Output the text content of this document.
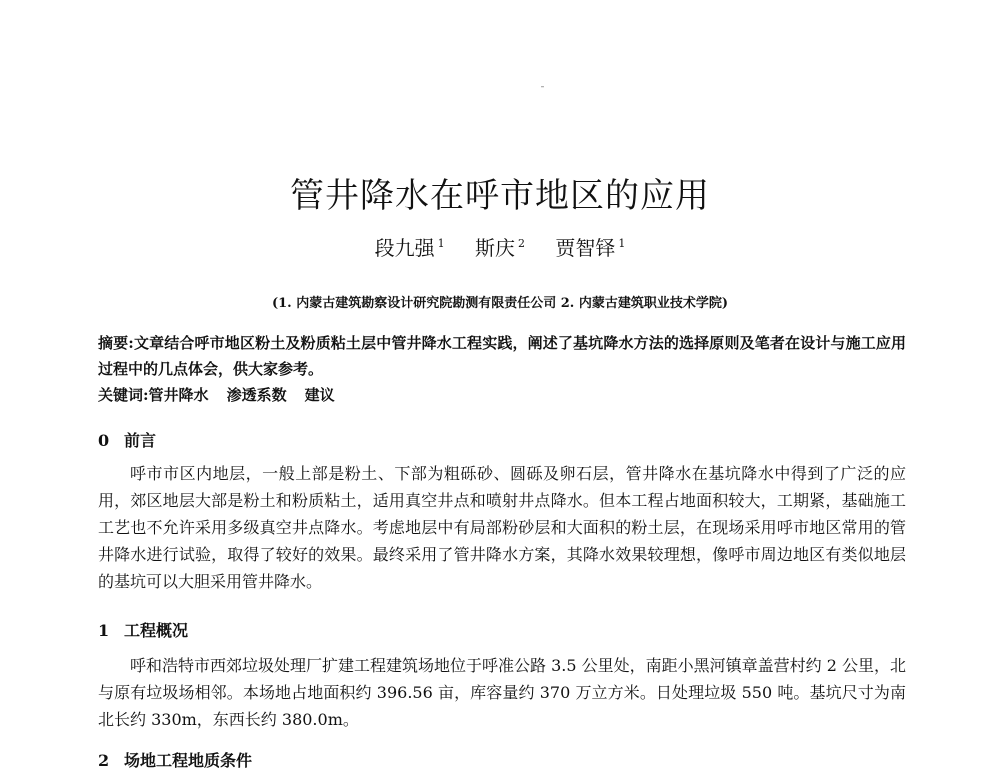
ˉ
管井降水在呼市地区的应用
段九强 $^1$ 斯庆 $^2$ 贾智铎 $^1$
(1. 内蒙古建筑勘察设计研究院勘测有限责任公司 2. 内蒙古建筑职业技术学院)
摘要:文章结合呼市地区粉土及粉质粘土层中管井降水工程实践，阐述了基坑降水方法的选择原则及笔者在设计与施工应用过程中的几点体会，供大家参考。
关键词:管井降水 渗透系数 建议
0 前言
呼市市区内地层，一般上部是粉土、下部为粗砾砂、圆砾及卵石层，管井降水在基坑降水中得到了广泛的应用，郊区地层大部是粉土和粉质粘土，适用真空井点和喷射井点降水。但本工程占地面积较大，工期紧，基础施工工艺也不允许采用多级真空井点降水。考虑地层中有局部粉砂层和大面积的粉土层，在现场采用呼市地区常用的管井降水进行试验，取得了较好的效果。最终采用了管井降水方案，其降水效果较理想，像呼市周边地区有类似地层的基坑可以大胆采用管井降水。
1 工程概况
呼和浩特市西郊垃圾处理厂扩建工程建筑场地位于呼准公路 3.5 公里处，南距小黑河镇章盖营村约 2 公里，北与原有垃圾场相邻。本场地占地面积约 396.56 亩，库容量约 370 万立方米。日处理垃圾 550 吨。基坑尺寸为南北长约 330m，东西长约 380.0m。
2 场地工程地质条件
